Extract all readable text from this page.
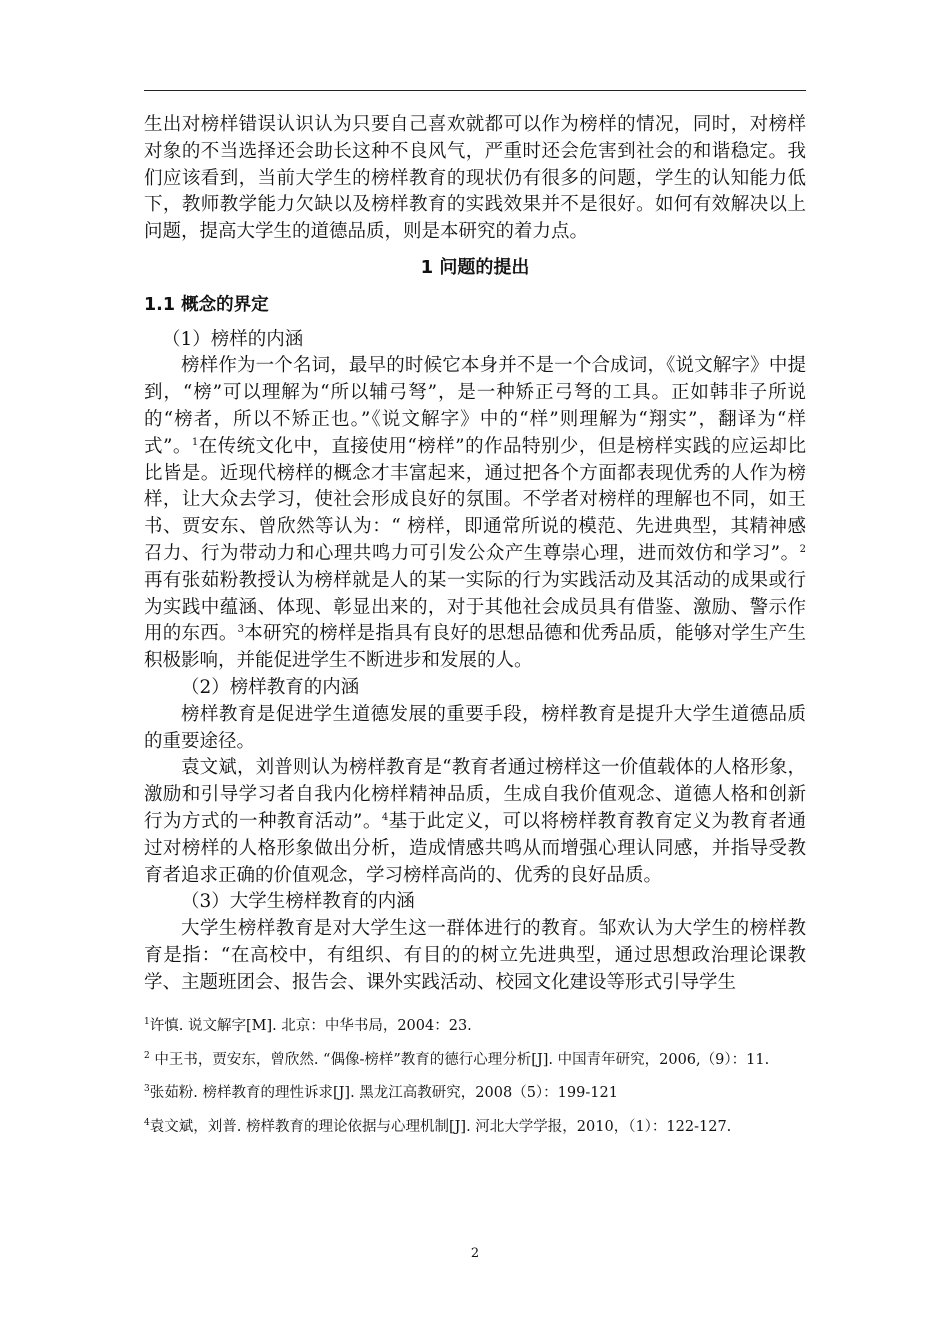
生出对榜样错误认识认为只要自己喜欢就都可以作为榜样的情况，同时，对榜样对象的不当选择还会助长这种不良风气，严重时还会危害到社会的和谐稳定。我们应该看到，当前大学生的榜样教育的现状仍有很多的问题，学生的认知能力低下，教师教学能力欠缺以及榜样教育的实践效果并不是很好。如何有效解决以上问题，提高大学生的道德品质，则是本研究的着力点。

1 问题的提出

1.1 概念的界定

（1）榜样的内涵

榜样作为一个名词，最早的时候它本身并不是一个合成词，《说文解字》中提到，“榜”可以理解为“所以辅弓弩”，是一种矫正弓弩的工具。正如韩非子所说的“榜者，所以不矫正也。”《说文解字》中的“样”则理解为“翔实”，翻译为“样式”。$^1$在传统文化中，直接使用“榜样”的作品特别少，但是榜样实践的应运却比比皆是。近现代榜样的概念才丰富起来，通过把各个方面都表现优秀的人作为榜样，让大众去学习，使社会形成良好的氛围。不学者对榜样的理解也不同，如王书、贾安东、曾欣然等认为：“ 榜样，即通常所说的模范、先进典型，其精神感召力、行为带动力和心理共鸣力可引发公众产生尊崇心理，进而效仿和学习”。$^2$再有张茹粉教授认为榜样就是人的某一实际的行为实践活动及其活动的成果或行为实践中蕴涵、体现、彰显出来的，对于其他社会成员具有借鉴、激励、警示作用的东西。$^3$本研究的榜样是指具有良好的思想品德和优秀品质，能够对学生产生积极影响，并能促进学生不断进步和发展的人。

（2）榜样教育的内涵

榜样教育是促进学生道德发展的重要手段，榜样教育是提升大学生道德品质的重要途径。

袁文斌，刘普则认为榜样教育是“教育者通过榜样这一价值载体的人格形象，激励和引导学习者自我内化榜样精神品质，生成自我价值观念、道德人格和创新行为方式的一种教育活动”。$^4$基于此定义，可以将榜样教育教育定义为教育者通过对榜样的人格形象做出分析，造成情感共鸣从而增强心理认同感，并指导受教育者追求正确的价值观念，学习榜样高尚的、优秀的良好品质。

（3）大学生榜样教育的内涵

大学生榜样教育是对大学生这一群体进行的教育。邹欢认为大学生的榜样教育是指：“在高校中，有组织、有目的的树立先进典型，通过思想政治理论课教学、主题班团会、报告会、课外实践活动、校园文化建设等形式引导学生

$^1$许慎. 说文解字[M]. 北京：中华书局，2004：23.

$^2$ 中王书，贾安东，曾欣然. “偶像-榜样”教育的德行心理分析[J]. 中国青年研究，2006,（9）：11.

$^3$张茹粉. 榜样教育的理性诉求[J]. 黑龙江高教研究，2008（5）：199-121

$^4$袁文斌，刘普. 榜样教育的理论依据与心理机制[J]. 河北大学学报，2010，（1）：122-127.

2
